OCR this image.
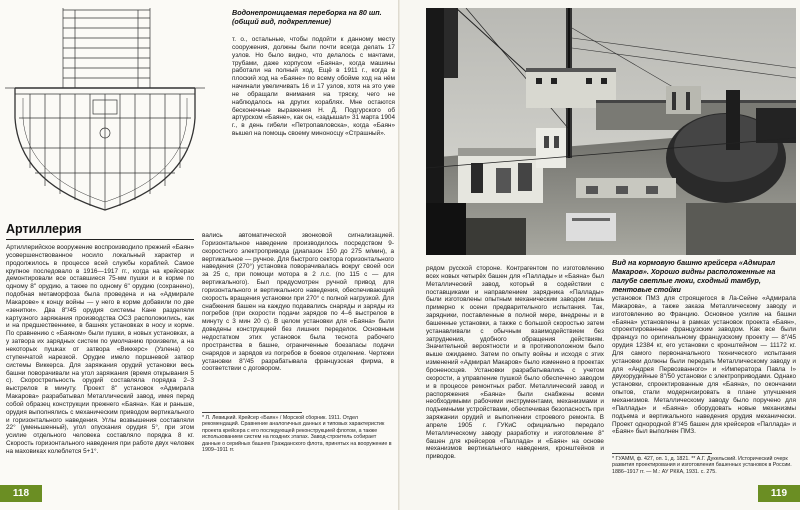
Водонепроницаемая переборка на 80 шп. (общий вид, подкрепление)

т. о., остальные, чтобы подойти к данному месту сооружения, должны были почти всегда делать 17 узлов. Но было видно, что делалось с мачтами, трубами, даже корпусом «Баяна», когда машины работали на полный ход. Ещё в 1911 г., когда в плоский ход на «Баяне» по всему обойме ход на нём начинали увеличивать 16 и 17 узлов, хотя на это уже не обращали внимания на тряску, чего не наблюдалось на других кораблях. Мне остаются бесконечные выражения Н. Д. Подгурского об артурском «Баяне», как он, «задышал» 31 марта 1904 г., в день гибели «Петропавловска», когда «Баян» вышел на помощь своему миноносцу «Страшный».

Артиллерия

Артиллерийское вооружение воспроизводило прежний «Баян» усовершенствованное носило локальный характер и продолжилось в процессе всей службы кораблей. Самое крупное последовало в 1916—1917 гг., когда на крейсерах демонтировали все оставшиеся 75-мм пушки и в корме по одному 8" орудию, а также по одному 6" орудию (сохранено), подобная метаморфоза была проведена и на «Адмирале Макарове» к концу войны — у него в корме добавили по две «зенитки». Два 8"/45 орудия системы Кане разделяли картузного заряжания производства ОСЗ расположились, как и на предшественнике, в башнях установках в носу и корме. По сравнению с «Баяном» были пушки, в новых установках, а у затвора их зарядных систем по умолчанию произвели, а на некоторых пушках от затвора «Виккерс» (Узлена) со ступенчатой нарезкой. Орудие имело поршневой затвор системы Виккерса. Для заряжания орудий установки весь башни поворачивали на угол заряжания (время открывания 5 с). Скорострельность орудий составляла порядка 2–3 выстрелов в минуту. Проект 8" установок «Адмирала Макарова» разрабатывал Металлический завод, имея перед собой образец конструкции прежнего «Баяна». Как и раньше, орудия выполнялись с механическим приводом вертикального и горизонтального наведения. Углы возвышения составляли 22° (уменьшенный), угол опускания орудия 5°, при этом усилие отдельного человека составляло порядка 8 кг. Скорость горизонтального наведения при работе двух человек на маховиках колеблется 5+1°.

вались автоматической звонковой сигнализацией. Горизонтальное наведение производилось посредством 9-скоростного электропривода (диапазон 150 до 275 м/мин), а вертикальное — ручное. Для быстрого сектора горизонтального наведения (270°) установка поворачивалась вокруг своей оси за 25 с, при помощи мотора в 2 л.с. (по 115 с — для вертикального). Был предусмотрен ручной привод для горизонтального и вертикального наведения, обеспечивающий скорость вращения установки при 270° с полной нагрузкой. Для снабжения башен на каждую подавались снаряды и заряды из погребов (при скорости подачи зарядов по 4–6 выстрелов в минуту с 3 мин 20 с). В целом установки для «Баяна» были доведены конструкцией без лишних переделок. Основным недостатком этих установок была теснота рабочего пространства в башне, ограниченные боезапасы подачи снарядов и зарядов из погребов в боевое отделение. Чертежи установки 8"/45 разрабатывала французская фирма, в соответствии с договором.

* Л. Левицкий. Крейсер «Баян» / Морской сборник. 1911. Отдел рекомендаций. Сравнение аналогичных данных и типовых характеристик проекта крейсера с его последующей реконструкцией флотом, а также использованием систем на поздних этапах. Завод-строитель собирает данные о серийных башнях Гражданского флота, принятых на вооружение в 1909–1911 гг.

118

Вид на кормовую башню крейсера «Адмирал Макаров». Хорошо видны расположенные на палубе светлые люки, сходный тамбур, тентовые стойки

рядом русской стороне. Контрагентом по изготовлению всех новых четырёх башен для «Паллады» и «Баяна» был Металлический завод, который в содействии с поставщиками и направлением зарядника «Паллады» были изготовлены опытным механическим заводом лишь примерно к осени предварительного испытания. Так, зарядники, поставленные в полной мере, внедрены и в башенные установки, а также с большой скоростью затем устанавливали с обычным взаимодействием без затруднения, удобного обращения действиям. Значительной вероятности и в противоположном было выше ожидаемо. Затем по опыту войны и исходя с этих изменений «Адмирал Макаров» было изменено в проектах броненосцев. Установки разрабатывались с учетом скорости, а управление пушкой было обеспечено заводом и в процессе ремонтных работ. Металлический завод и распоряжения «Баяна» были снабжены всеми необходимыми рабочими инструментами, механизмами и подъемными устройствами, обеспечивая безопасность при заряжании орудий и выполнении строевого ремонта. В апреле 1905 г. ГУКиС официально передало Металлическому заводу разработку и изготовление 8" башен для крейсеров «Паллада» и «Баян» на основе механизмов вертикального наведения, кронштейнов и приводов.

установок ПМЗ для строящегося в Ла-Сейне «Адмирала Макарова», а также заказа Металлическому заводу и изготовлению во Францию. Основное усилие на башни «Баяна» установлены в рамках установок проекта «Баян», спроектированные французским заводом. Как все были француз по оригинальному французскому проекту — 8"/45 орудия 12384 кг, его установки с кронштейном — 11172 кг. Для самого первоначального технического испытания установки должны были передать Металлическому заводу и для «Андрея Первозванного» и «Императора Павла I» двухорудийные 8"/50 установки с электроприводами. Однако установки, спроектированные для «Баяна», по окончании опытов, стали модернизировать в плане улучшения механизмов. Металлическому заводу было поручено для «Паллады» и «Баяна» оборудовать новые механизмы подъема и вертикального наведения орудия механически. Проект однородной 8"/45 башен для крейсеров «Паллада» и «Баян» был выполнен ПМЗ.

* ГУАММ, ф. 427, оп. 1, д. 1821. ** А.Г. Дукельский. Исторический очерк развития проектирования и изготовления башенных установок в России. 1886–1917 гг. — М.: АУ РККА, 1931. с. 275.

119
